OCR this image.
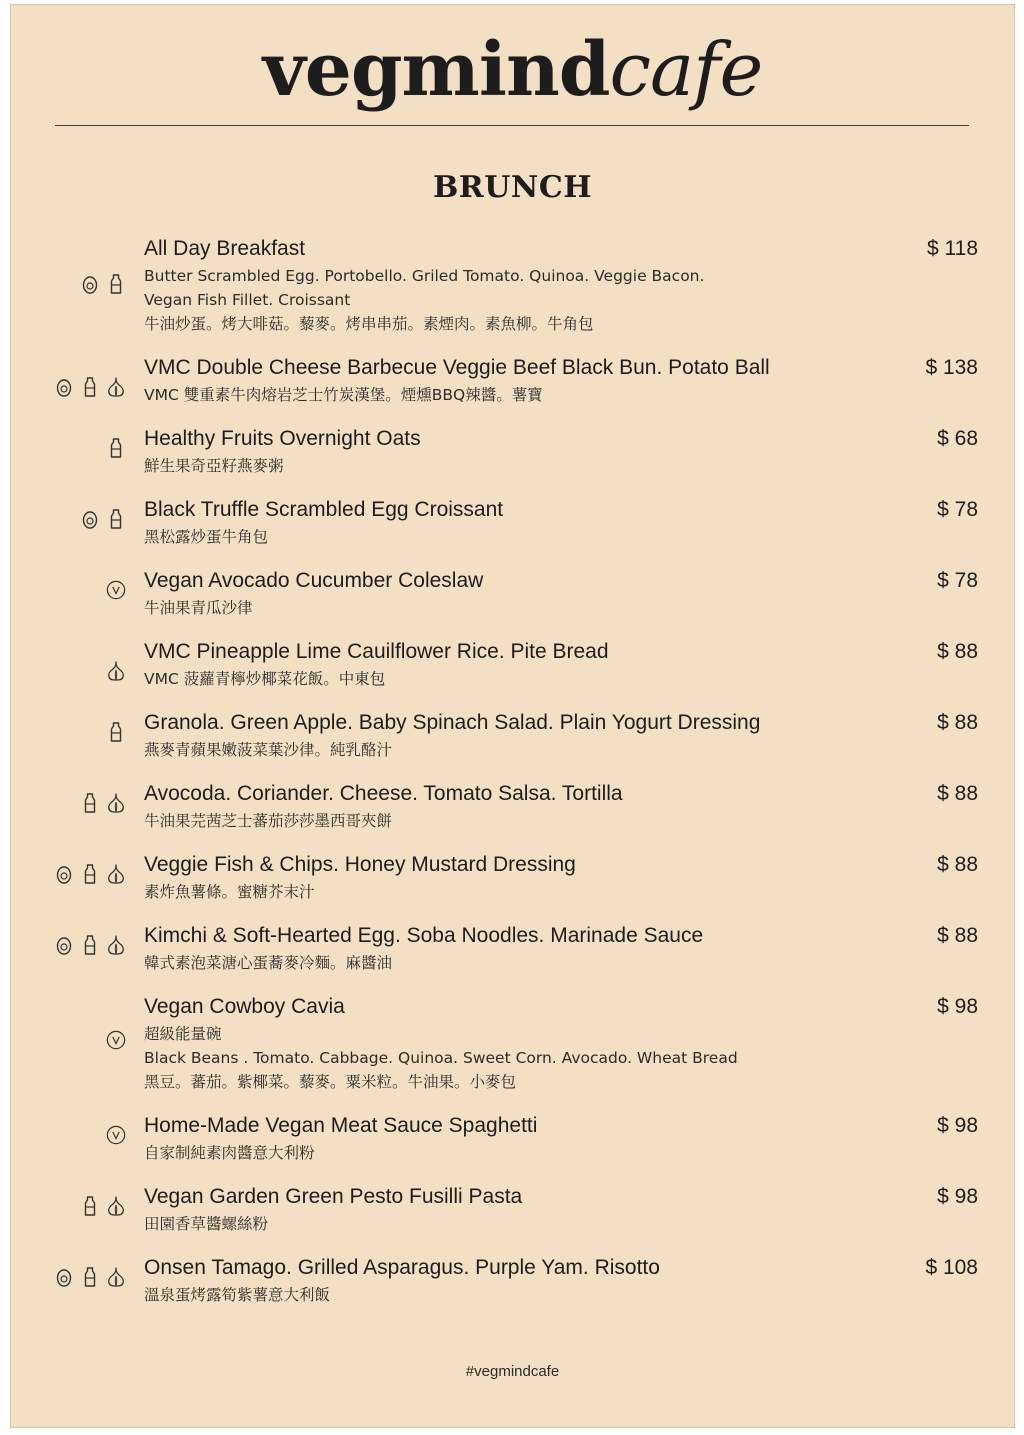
vegmindcafe
BRUNCH
All Day Breakfast	$ 118
Butter Scrambled Egg. Portobello. Griled Tomato. Quinoa. Veggie Bacon.
Vegan Fish Fillet. Croissant
牛油炒蛋。烤大啡菇。藜麥。烤串串茄。素煙肉。素魚柳。牛角包
VMC Double Cheese Barbecue Veggie Beef Black Bun. Potato Ball	$ 138
VMC 雙重素牛肉熔岩芝士竹炭漢堡。煙燻BBQ辣醬。薯寶
Healthy Fruits Overnight Oats	$ 68
鮮生果奇亞籽燕麥粥
Black Truffle Scrambled Egg Croissant	$ 78
黑松露炒蛋牛角包
Vegan Avocado Cucumber Coleslaw	$ 78
牛油果青瓜沙律
VMC Pineapple Lime Cauilflower Rice. Pite Bread	$ 88
VMC 菠蘿青檸炒椰菜花飯。中東包
Granola. Green Apple. Baby Spinach Salad. Plain Yogurt Dressing	$ 88
燕麥青蘋果嫩菠菜葉沙律。純乳酪汁
Avocoda. Coriander. Cheese. Tomato Salsa. Tortilla	$ 88
牛油果芫茜芝士蕃茄莎莎墨西哥夾餅
Veggie Fish & Chips. Honey Mustard Dressing	$ 88
素炸魚薯條。蜜糖芥末汁
Kimchi & Soft-Hearted Egg. Soba Noodles. Marinade Sauce	$ 88
韓式素泡菜溏心蛋蕎麥冷麵。麻醬油
Vegan Cowboy Cavia	$ 98
超級能量碗
Black Beans . Tomato. Cabbage. Quinoa. Sweet Corn. Avocado. Wheat Bread
黑豆。蕃茄。紫椰菜。藜麥。粟米粒。牛油果。小麥包
Home-Made Vegan Meat Sauce Spaghetti	$ 98
自家制純素肉醬意大利粉
Vegan Garden Green Pesto Fusilli Pasta	$ 98
田園香草醬螺絲粉
Onsen Tamago. Grilled Asparagus. Purple Yam. Risotto	$ 108
溫泉蛋烤露筍紫薯意大利飯
#vegmindcafe
